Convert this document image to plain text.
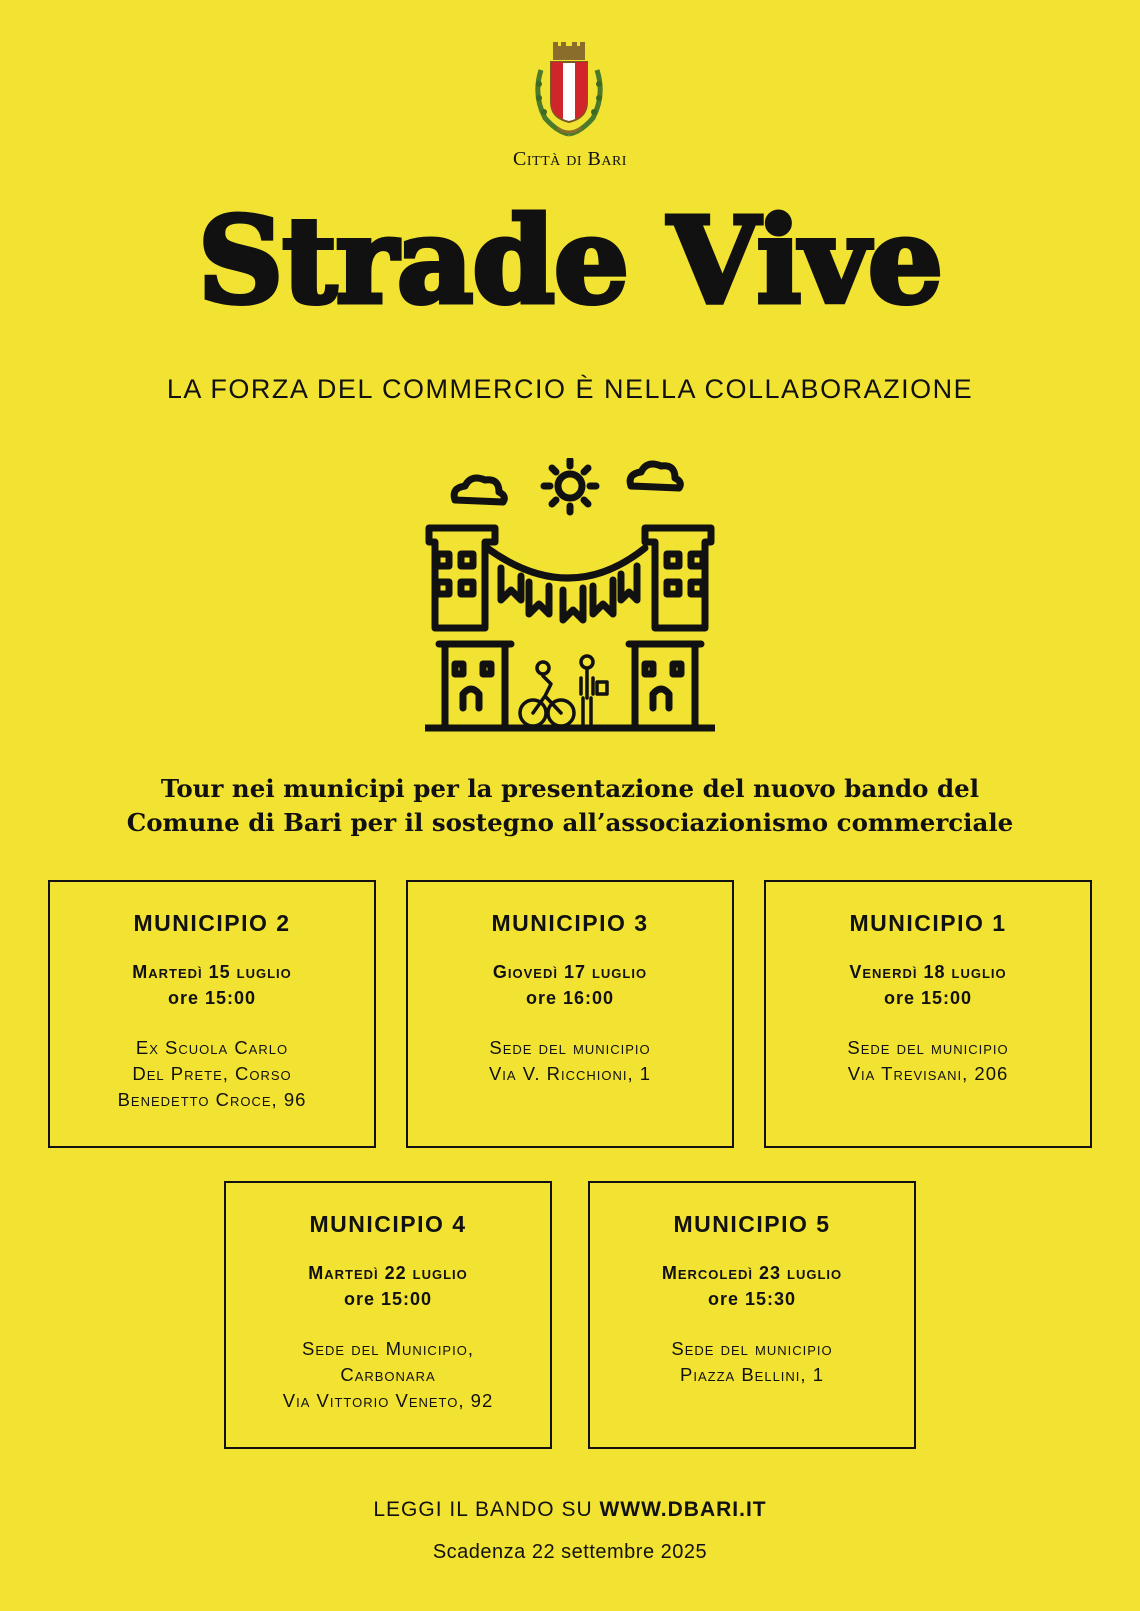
Città di Bari
Strade Vive
LA FORZA DEL COMMERCIO È NELLA COLLABORAZIONE
Tour nei municipi per la presentazione del nuovo bando del
Comune di Bari per il sostegno all’associazionismo commerciale
MUNICIPIO 2
Martedì 15 luglio
ore 15:00
Ex Scuola Carlo
Del Prete, Corso
Benedetto Croce, 96
MUNICIPIO 3
Giovedì 17 luglio
ore 16:00
Sede del municipio
Via V. Ricchioni, 1
MUNICIPIO 1
Venerdì 18 luglio
ore 15:00
Sede del municipio
Via Trevisani, 206
MUNICIPIO 4
Martedì 22 luglio
ore 15:00
Sede del Municipio,
Carbonara
Via Vittorio Veneto, 92
MUNICIPIO 5
Mercoledì 23 luglio
ore 15:30
Sede del municipio
Piazza Bellini, 1
LEGGI IL BANDO SU WWW.DBARI.IT
Scadenza 22 settembre 2025
